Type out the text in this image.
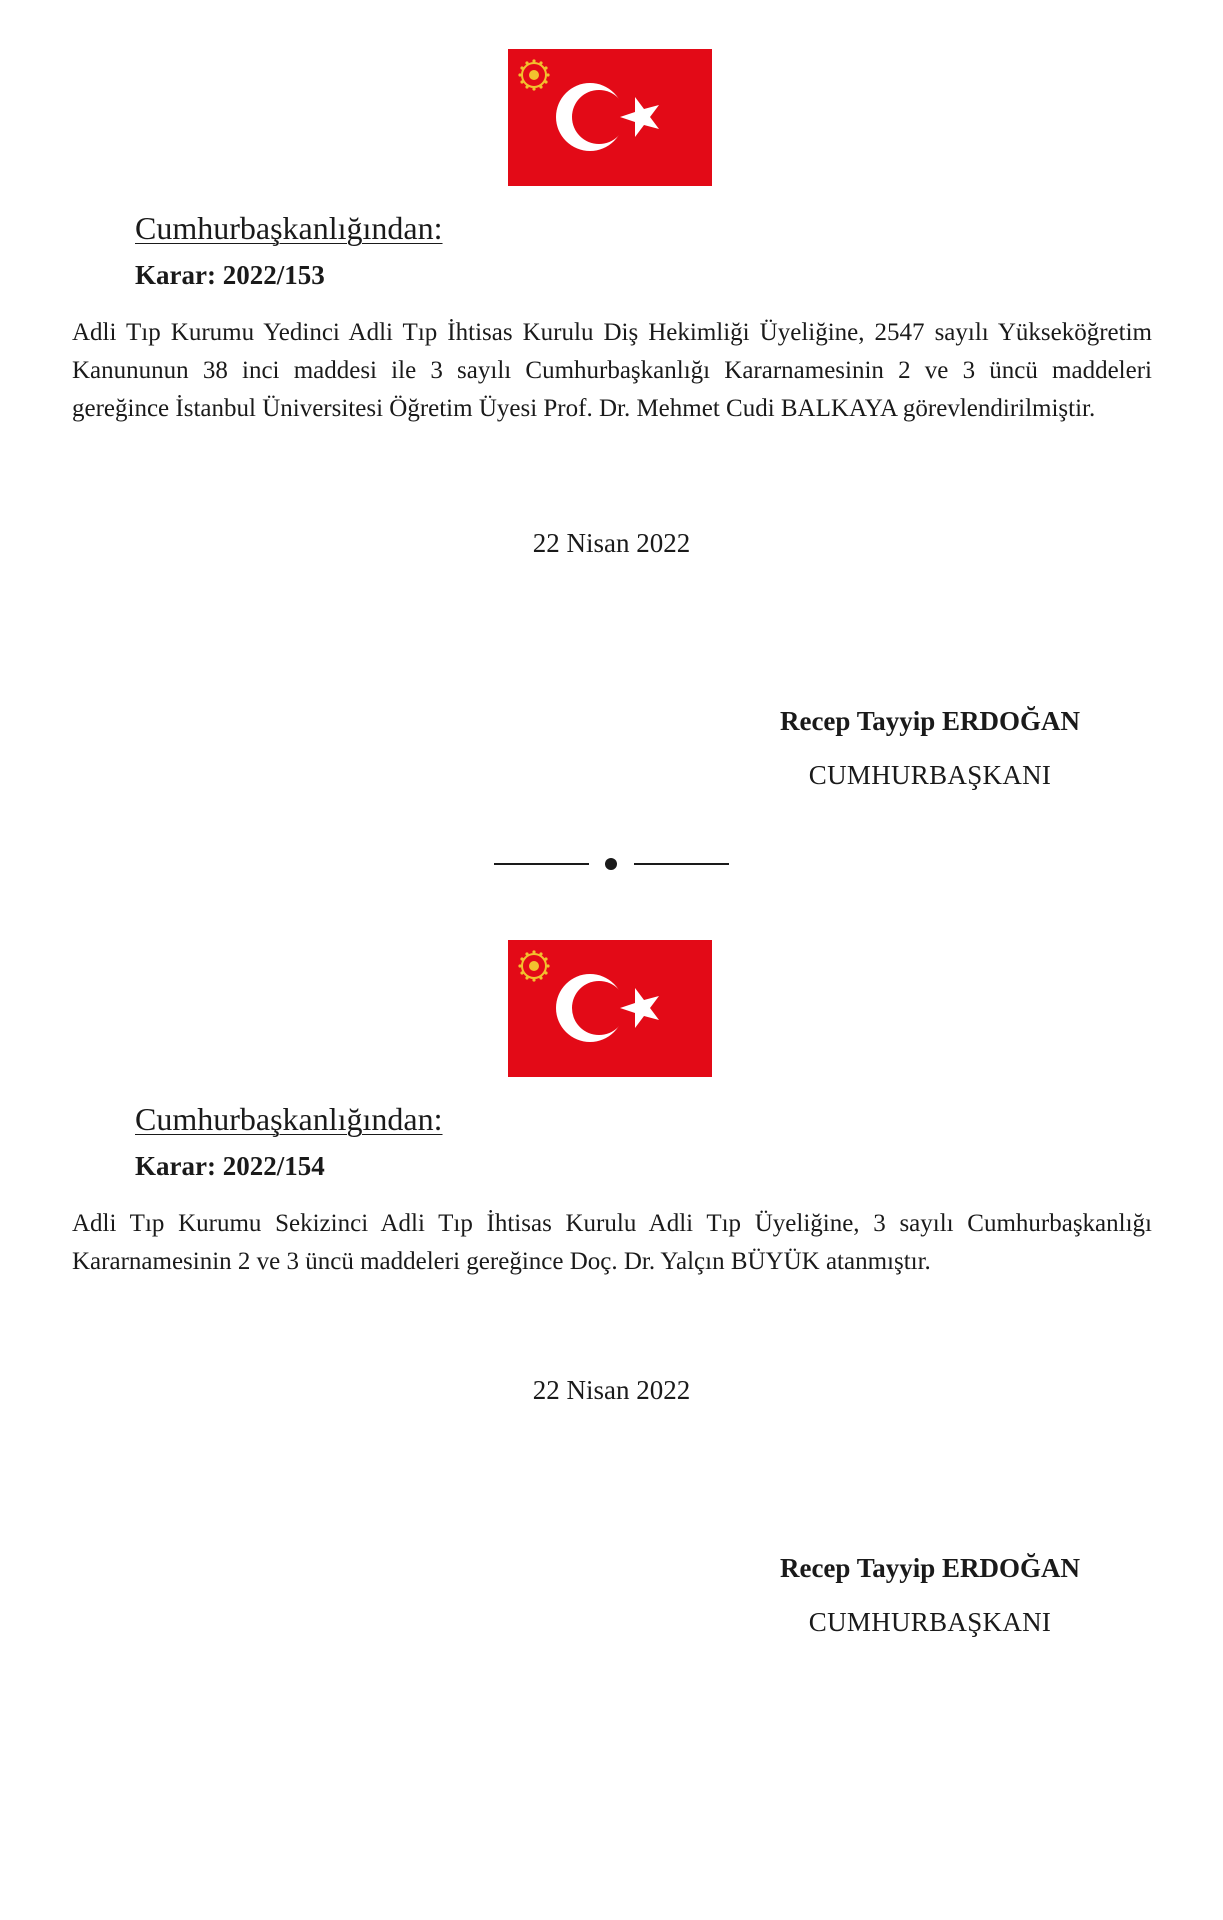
Cumhurbaşkanlığından:
Karar: 2022/153
Adli Tıp Kurumu Yedinci Adli Tıp İhtisas Kurulu Diş Hekimliği Üyeliğine, 2547 sayılı Yükseköğretim Kanununun 38 inci maddesi ile 3 sayılı Cumhurbaşkanlığı Kararnamesinin 2 ve 3 üncü maddeleri gereğince İstanbul Üniversitesi Öğretim Üyesi Prof. Dr. Mehmet Cudi BALKAYA görevlendirilmiştir.
22 Nisan 2022
Recep Tayyip ERDOĞAN
CUMHURBAŞKANI
Cumhurbaşkanlığından:
Karar: 2022/154
Adli Tıp Kurumu Sekizinci Adli Tıp İhtisas Kurulu Adli Tıp Üyeliğine, 3 sayılı Cumhurbaşkanlığı Kararnamesinin 2 ve 3 üncü maddeleri gereğince Doç. Dr. Yalçın BÜYÜK atanmıştır.
22 Nisan 2022
Recep Tayyip ERDOĞAN
CUMHURBAŞKANI
